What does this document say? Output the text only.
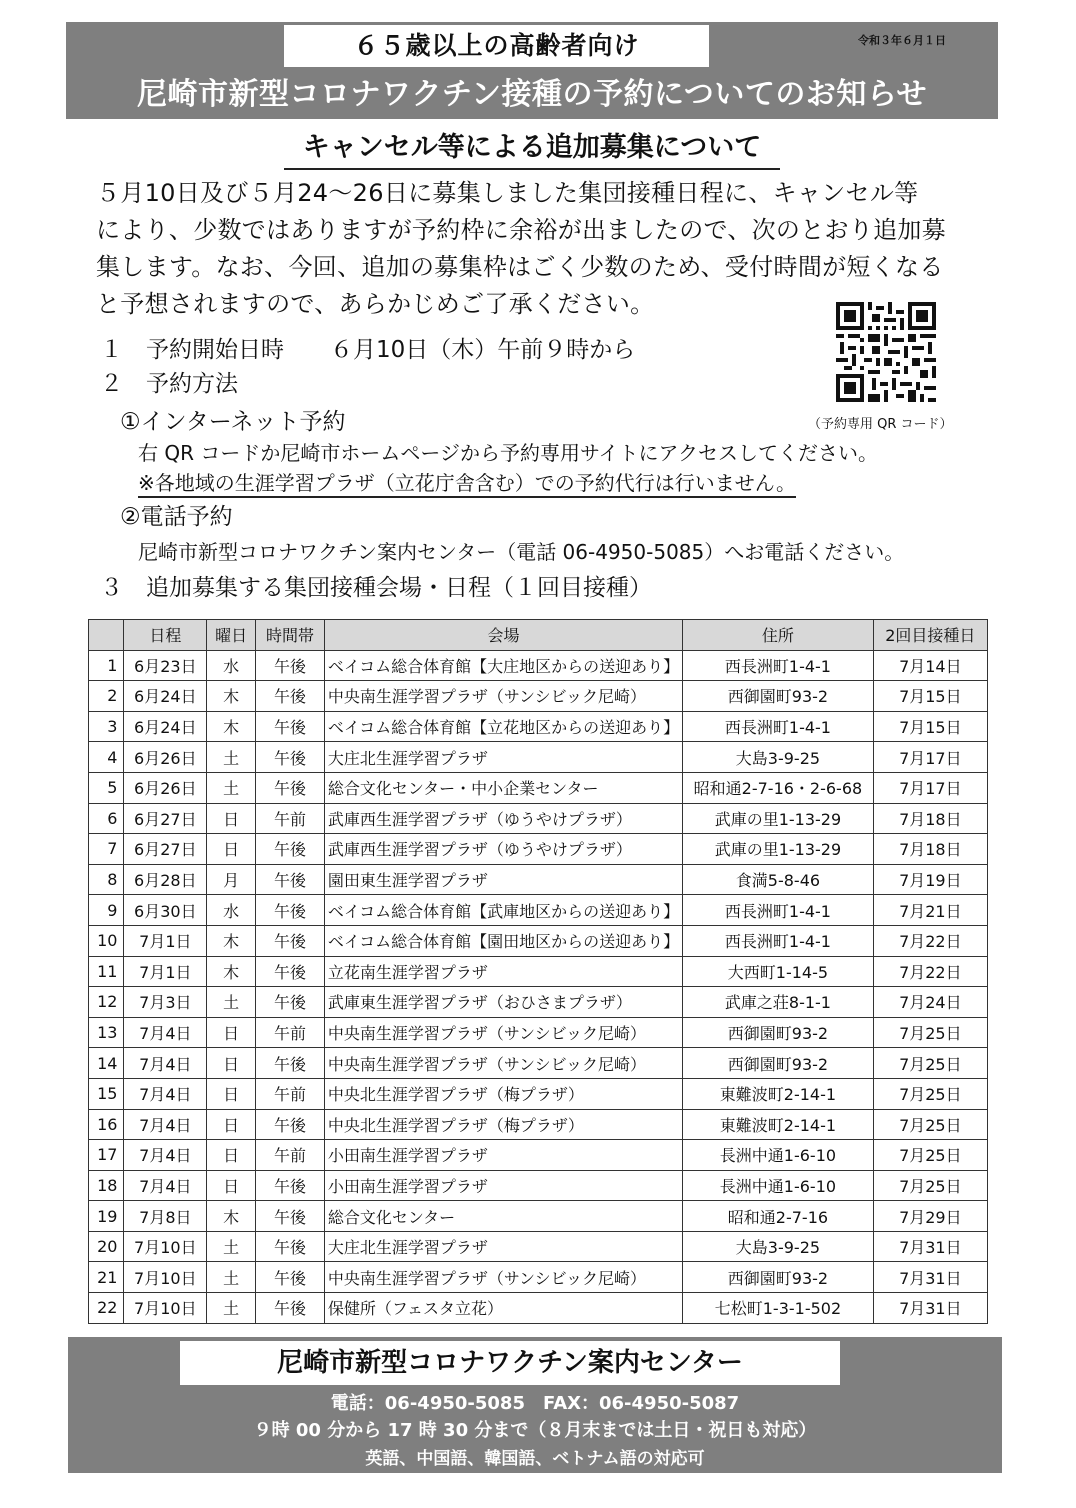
６５歳以上の高齢者向け	令和３年６月１日
尼崎市新型コロナワクチン接種の予約についてのお知らせ
キャンセル等による追加募集について

５月10日及び５月24〜26日に募集しました集団接種日程に、キャンセル等

により、少数ではありますが予約枠に余裕が出ましたので、次のとおり追加募

集します。なお、今回、追加の募集枠はごく少数のため、受付時間が短くなる

と予想されますので、あらかじめご了承ください。

（予約専用 QR コード）
１　予約開始日時　　６月10日（木）午前９時から
２　予約方法
①インターネット予約
右 QR コードか尼崎市ホームページから予約専用サイトにアクセスしてください。
※各地域の生涯学習プラザ（立花庁舎含む）での予約代行は行いません。
②電話予約
尼崎市新型コロナワクチン案内センター（電話 06-4950-5085）へお電話ください。
３　追加募集する集団接種会場・日程（１回目接種）
	日程	曜日	時間帯	会場	住所	2回目接種日
1	6月23日	水	午後	ベイコム総合体育館【大庄地区からの送迎あり】	西長洲町1-4-1	7月14日
2	6月24日	木	午後	中央南生涯学習プラザ（サンシビック尼崎）	西御園町93-2	7月15日
3	6月24日	木	午後	ベイコム総合体育館【立花地区からの送迎あり】	西長洲町1-4-1	7月15日
4	6月26日	土	午後	大庄北生涯学習プラザ	大島3-9-25	7月17日
5	6月26日	土	午後	総合文化センター・中小企業センター	昭和通2-7-16・2-6-68	7月17日
6	6月27日	日	午前	武庫西生涯学習プラザ（ゆうやけプラザ）	武庫の里1-13-29	7月18日
7	6月27日	日	午後	武庫西生涯学習プラザ（ゆうやけプラザ）	武庫の里1-13-29	7月18日
8	6月28日	月	午後	園田東生涯学習プラザ	食満5-8-46	7月19日
9	6月30日	水	午後	ベイコム総合体育館【武庫地区からの送迎あり】	西長洲町1-4-1	7月21日
10	7月1日	木	午後	ベイコム総合体育館【園田地区からの送迎あり】	西長洲町1-4-1	7月22日
11	7月1日	木	午後	立花南生涯学習プラザ	大西町1-14-5	7月22日
12	7月3日	土	午後	武庫東生涯学習プラザ（おひさまプラザ）	武庫之荘8-1-1	7月24日
13	7月4日	日	午前	中央南生涯学習プラザ（サンシビック尼崎）	西御園町93-2	7月25日
14	7月4日	日	午後	中央南生涯学習プラザ（サンシビック尼崎）	西御園町93-2	7月25日
15	7月4日	日	午前	中央北生涯学習プラザ（梅プラザ）	東難波町2-14-1	7月25日
16	7月4日	日	午後	中央北生涯学習プラザ（梅プラザ）	東難波町2-14-1	7月25日
17	7月4日	日	午前	小田南生涯学習プラザ	長洲中通1-6-10	7月25日
18	7月4日	日	午後	小田南生涯学習プラザ	長洲中通1-6-10	7月25日
19	7月8日	木	午後	総合文化センター	昭和通2-7-16	7月29日
20	7月10日	土	午後	大庄北生涯学習プラザ	大島3-9-25	7月31日
21	7月10日	土	午後	中央南生涯学習プラザ（サンシビック尼崎）	西御園町93-2	7月31日
22	7月10日	土	午後	保健所（フェスタ立花）	七松町1-3-1-502	7月31日
尼崎市新型コロナワクチン案内センター
電話：06-4950-5085　FAX：06-4950-5087
９時 00 分から 17 時 30 分まで（８月末までは土日・祝日も対応）
英語、中国語、韓国語、ベトナム語の対応可
